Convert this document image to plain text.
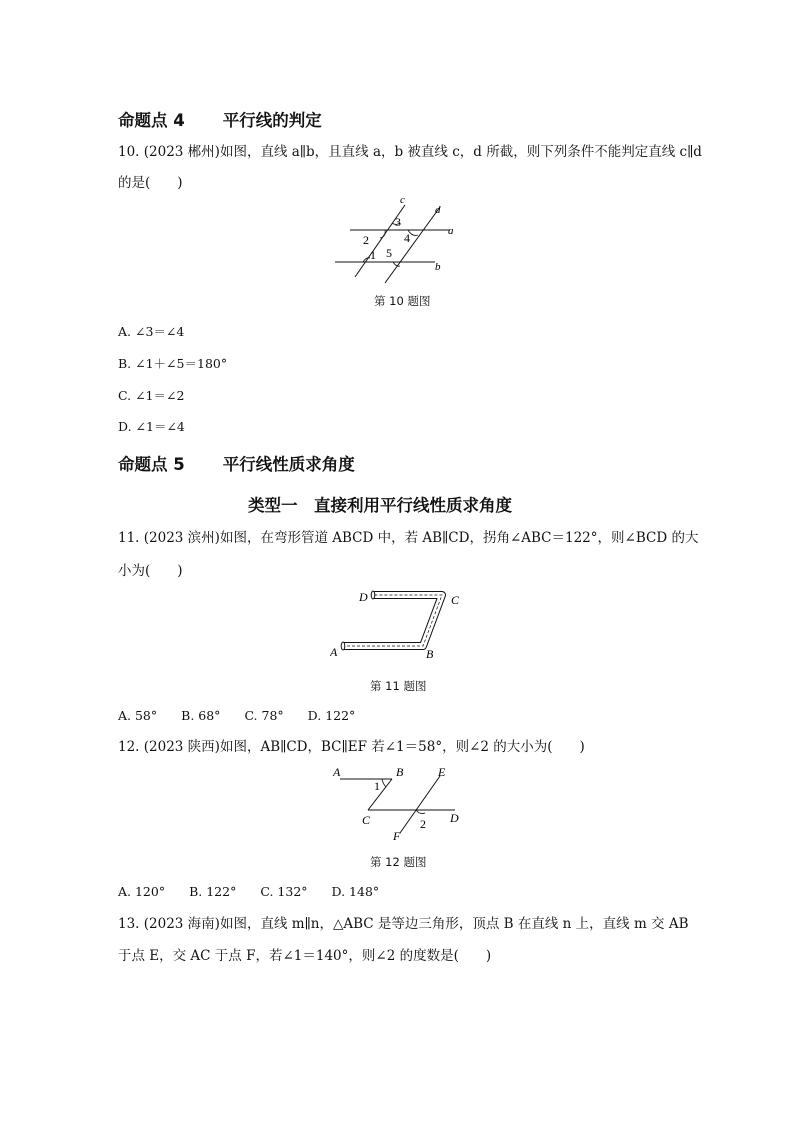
命题点 4 平行线的判定
10. (2023 郴州)如图，直线 a∥b，且直线 a，b 被直线 c，d 所截，则下列条件不能判定直线 c∥d
的是(　　)
c
d
a
b
3
2	4
5
1
第 10 题图
A. ∠3＝∠4
B. ∠1＋∠5＝180°
C. ∠1＝∠2
D. ∠1＝∠4
命题点 5 平行线性质求角度
类型一　直接利用平行线性质求角度
11. (2023 滨州)如图，在弯形管道 ABCD 中，若 AB∥CD，拐角∠ABC＝122°，则∠BCD 的大
小为(　　)
A	B
C
D
第 11 题图
A. 58° B. 68° C. 78° D. 122°
12. (2023 陕西)如图，AB∥CD，BC∥EF 若∠1＝58°，则∠2 的大小为(　　)
A	B	E
1
C	2 D
F
第 12 题图
A. 120° B. 122° C. 132° D. 148°
13. (2023 海南)如图，直线 m∥n，△ABC 是等边三角形，顶点 B 在直线 n 上，直线 m 交 AB
于点 E，交 AC 于点 F，若∠1＝140°，则∠2 的度数是(　　)
